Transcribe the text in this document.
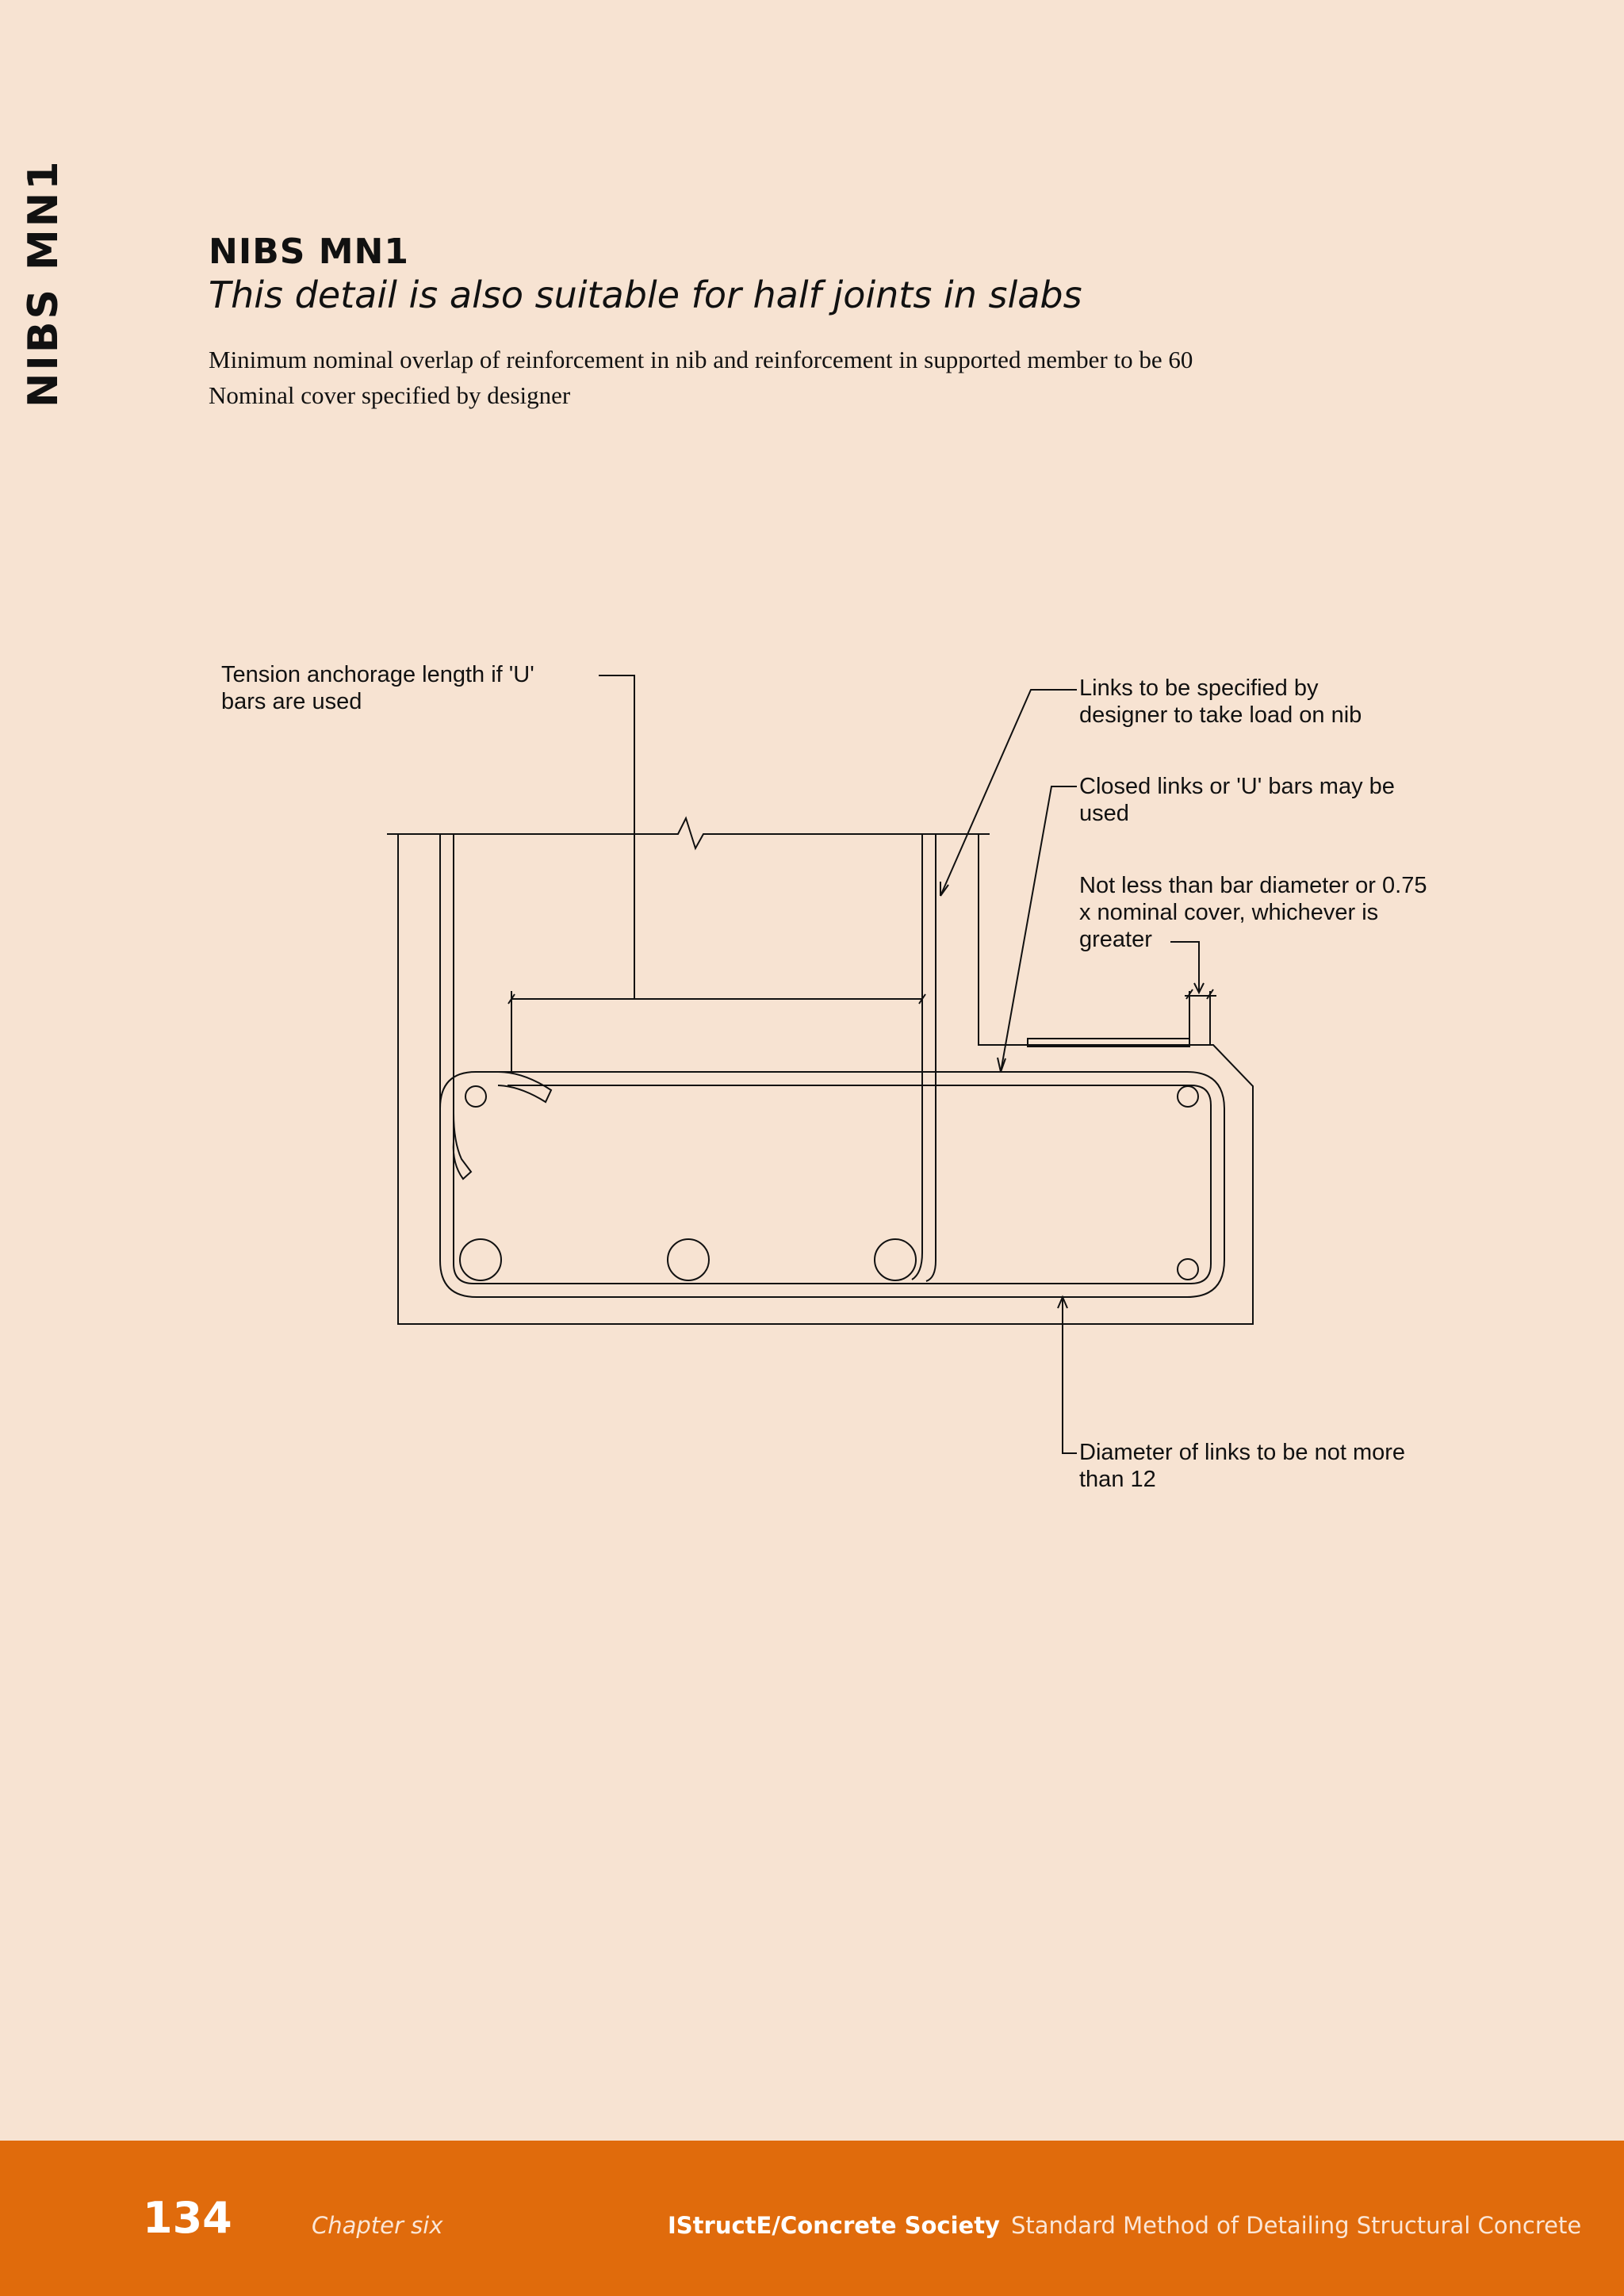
NIBS MN1	NIBS MN1
This detail is also suitable for half joints in slabs
Minimum nominal overlap of reinforcement in nib and reinforcement in supported member to be 60
Nominal cover specified by designer
Tension anchorage length if 'U'
bars are used
Links to be specified by
designer to take load on nib
Closed links or 'U' bars may be
used
Not less than bar diameter or 0.75
x nominal cover, whichever is
greater
Diameter of links to be not more
than 12
134	Chapter six	IStructE/Concrete Society Standard Method of Detailing Structural Concrete
